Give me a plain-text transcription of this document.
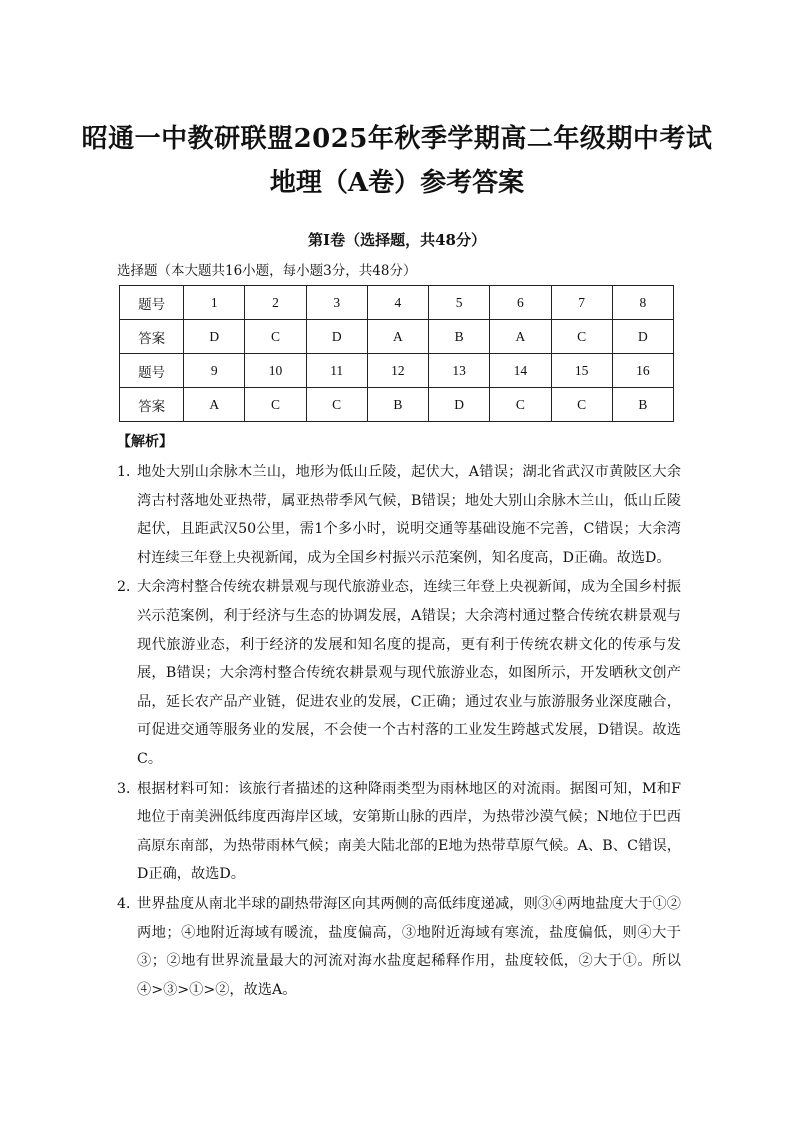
昭通一中教研联盟2025年秋季学期高二年级期中考试
地理（A卷）参考答案
第Ⅰ卷（选择题，共48分）
选择题（本大题共16小题，每小题3分，共48分）
题号	1	2	3	4	5	6	7	8
答案	D	C	D	A	B	A	C	D
题号	9	10	11	12	13	14	15	16
答案	A	C	C	B	D	C	C	B
【解析】
1．
地处大别山余脉木兰山，地形为低山丘陵，起伏大，A错误；湖北省武汉市黄陂区大余湾古村落地处亚热带，属亚热带季风气候，B错误；地处大别山余脉木兰山，低山丘陵起伏，且距武汉50公里，需1个多小时，说明交通等基础设施不完善，C错误；大余湾村连续三年登上央视新闻，成为全国乡村振兴示范案例，知名度高，D正确。故选D。
2．
大余湾村整合传统农耕景观与现代旅游业态，连续三年登上央视新闻，成为全国乡村振兴示范案例，利于经济与生态的协调发展，A错误；大余湾村通过整合传统农耕景观与现代旅游业态，利于经济的发展和知名度的提高，更有利于传统农耕文化的传承与发展，B错误；大余湾村整合传统农耕景观与现代旅游业态，如图所示，开发晒秋文创产品，延长农产品产业链，促进农业的发展，C正确；通过农业与旅游服务业深度融合，可促进交通等服务业的发展，不会使一个古村落的工业发生跨越式发展，D错误。故选C。
3．
根据材料可知：该旅行者描述的这种降雨类型为雨林地区的对流雨。据图可知，M和F地位于南美洲低纬度西海岸区域，安第斯山脉的西岸，为热带沙漠气候；N地位于巴西高原东南部，为热带雨林气候；南美大陆北部的E地为热带草原气候。A、B、C错误，D正确，故选D。
4．
世界盐度从南北半球的副热带海区向其两侧的高低纬度递减，则③④两地盐度大于①②两地；④地附近海域有暖流，盐度偏高，③地附近海域有寒流，盐度偏低，则④大于③；②地有世界流量最大的河流对海水盐度起稀释作用，盐度较低，②大于①。所以④>③>①>②，故选A。
